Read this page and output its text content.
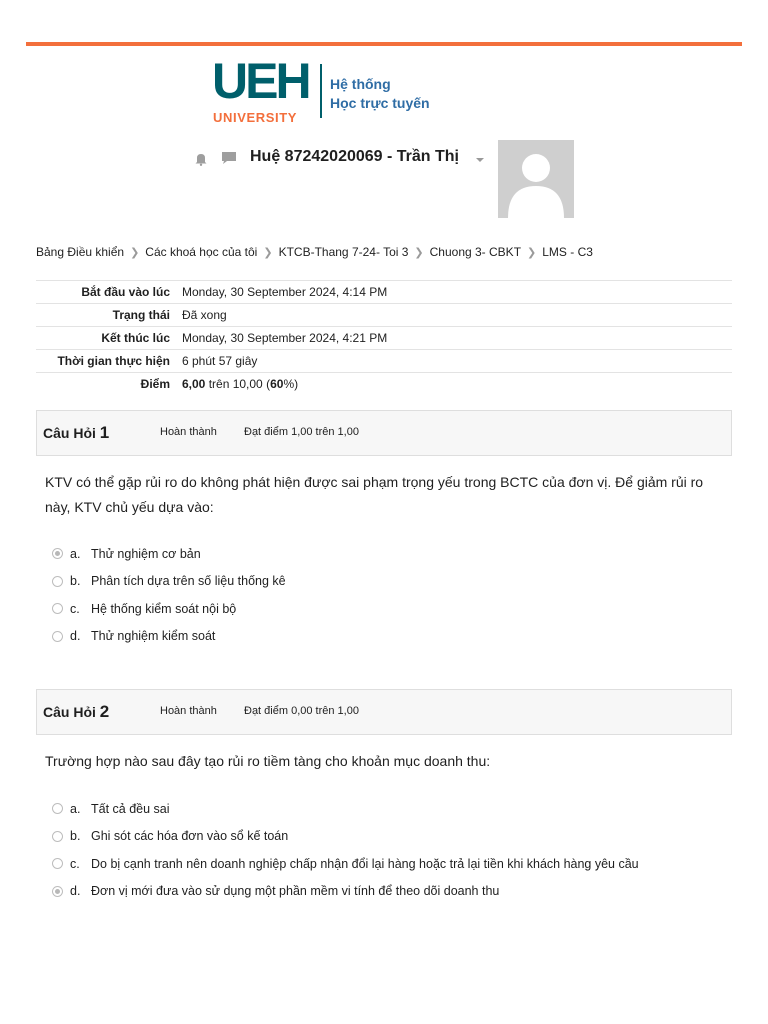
UEH
UNIVERSITY
Hệ thống
Học trực tuyến
Huệ 87242020069 - Trần Thị
Bảng Điều khiển ❯ Các khoá học của tôi ❯ KTCB-Thang 7-24- Toi 3 ❯ Chuong 3- CBKT ❯ LMS - C3
Bắt đầu vào lúc	Monday, 30 September 2024, 4:14 PM
Trạng thái	Đã xong
Kết thúc lúc	Monday, 30 September 2024, 4:21 PM
Thời gian thực hiện	6 phút 57 giây
Điểm	6,00 trên 10,00 (60%)
Câu Hỏi 1	Hoàn thành Đạt điểm 1,00 trên 1,00
KTV có thể gặp rủi ro do không phát hiện được sai phạm trọng yếu trong BCTC của đơn vị. Để giảm rủi ro này, KTV chủ yếu dựa vào:
a. Thử nghiệm cơ bản
b. Phân tích dựa trên số liệu thống kê
c. Hệ thống kiểm soát nội bộ
d. Thử nghiệm kiểm soát
Câu Hỏi 2	Hoàn thành Đạt điểm 0,00 trên 1,00
Trường hợp nào sau đây tạo rủi ro tiềm tàng cho khoản mục doanh thu:
a. Tất cả đều sai
b. Ghi sót các hóa đơn vào sổ kế toán
c. Do bị cạnh tranh nên doanh nghiệp chấp nhận đổi lại hàng hoặc trả lại tiền khi khách hàng yêu cầu
d. Đơn vị mới đưa vào sử dụng một phần mềm vi tính để theo dõi doanh thu
